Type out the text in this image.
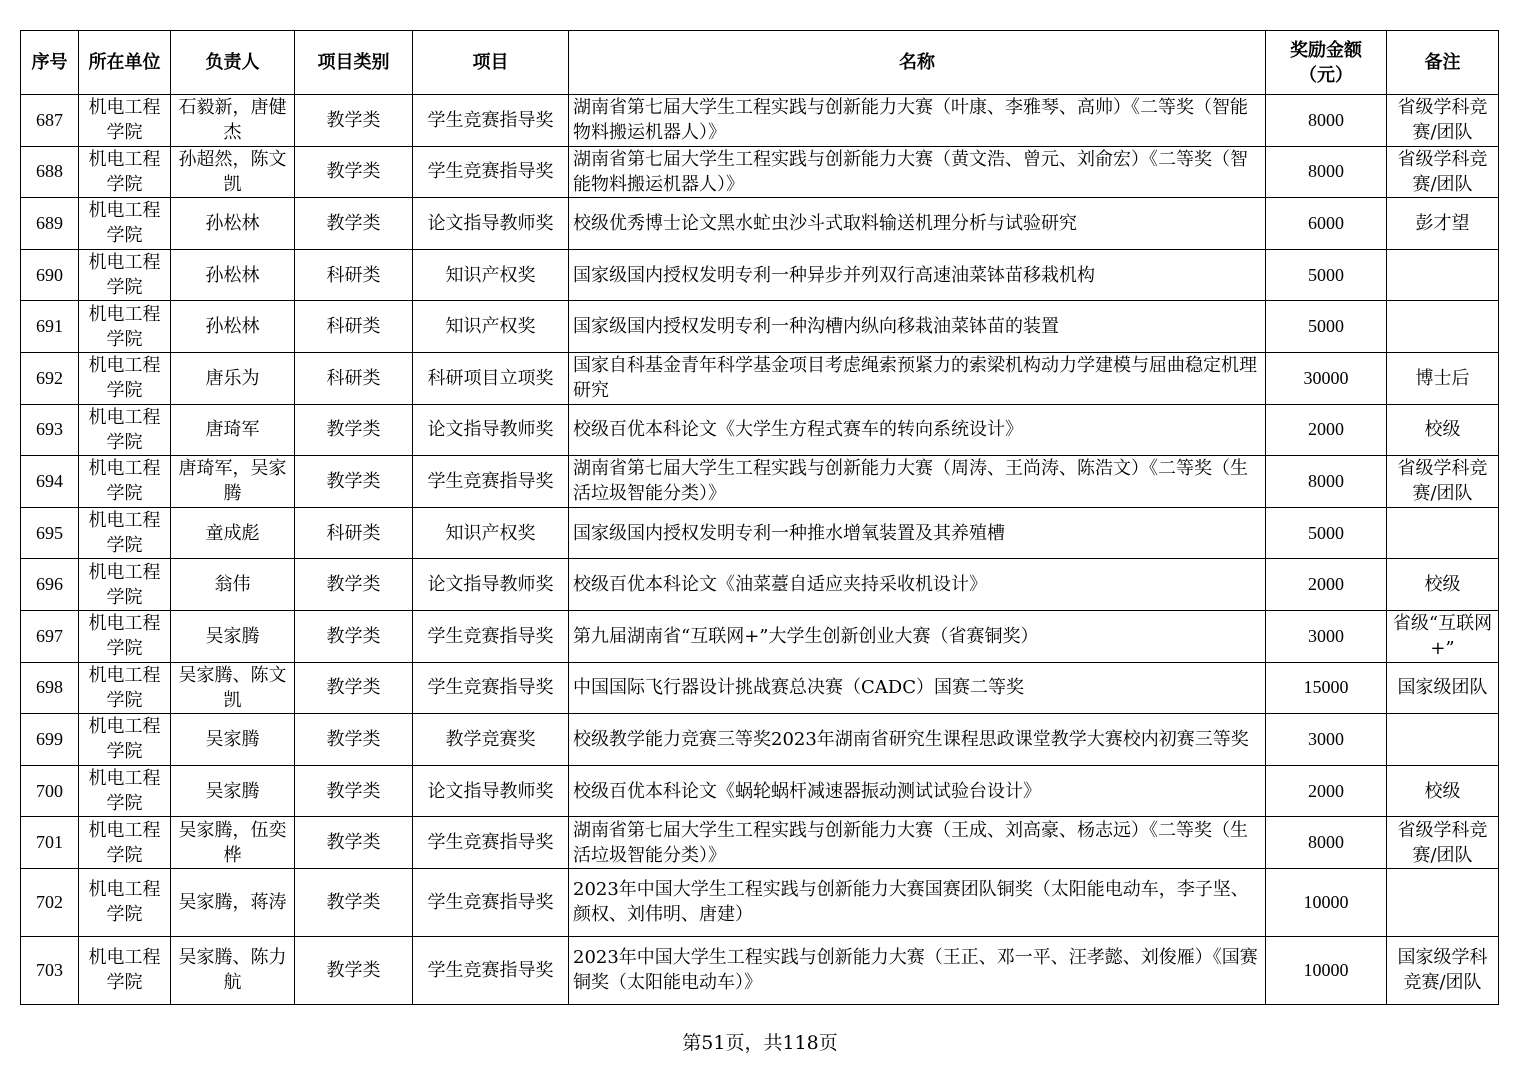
序号	所在单位	负责人	项目类别	项目	名称	奖励金额（元）	备注
687	机电工程学院	石毅新，唐健杰	教学类	学生竞赛指导奖	湖南省第七届大学生工程实践与创新能力大赛（叶康、李雅琴、高帅）《二等奖（智能物料搬运机器人）》	8000	省级学科竞赛/团队
688	机电工程学院	孙超然，陈文凯	教学类	学生竞赛指导奖	湖南省第七届大学生工程实践与创新能力大赛（黄文浩、曾元、刘俞宏）《二等奖（智能物料搬运机器人）》	8000	省级学科竞赛/团队
689	机电工程学院	孙松林	教学类	论文指导教师奖	校级优秀博士论文黑水虻虫沙斗式取料输送机理分析与试验研究	6000	彭才望
690	机电工程学院	孙松林	科研类	知识产权奖	国家级国内授权发明专利一种异步并列双行高速油菜钵苗移栽机构	5000	
691	机电工程学院	孙松林	科研类	知识产权奖	国家级国内授权发明专利一种沟槽内纵向移栽油菜钵苗的装置	5000	
692	机电工程学院	唐乐为	科研类	科研项目立项奖	国家自科基金青年科学基金项目考虑绳索预紧力的索梁机构动力学建模与屈曲稳定机理研究	30000	博士后
693	机电工程学院	唐琦军	教学类	论文指导教师奖	校级百优本科论文《大学生方程式赛车的转向系统设计》	2000	校级
694	机电工程学院	唐琦军，吴家腾	教学类	学生竞赛指导奖	湖南省第七届大学生工程实践与创新能力大赛（周涛、王尚涛、陈浩文）《二等奖（生活垃圾智能分类）》	8000	省级学科竞赛/团队
695	机电工程学院	童成彪	科研类	知识产权奖	国家级国内授权发明专利一种推水增氧装置及其养殖槽	5000	
696	机电工程学院	翁伟	教学类	论文指导教师奖	校级百优本科论文《油菜薹自适应夹持采收机设计》	2000	校级
697	机电工程学院	吴家腾	教学类	学生竞赛指导奖	第九届湖南省“互联网+”大学生创新创业大赛（省赛铜奖）	3000	省级“互联网+”
698	机电工程学院	吴家腾、陈文凯	教学类	学生竞赛指导奖	中国国际飞行器设计挑战赛总决赛（CADC）国赛二等奖	15000	国家级团队
699	机电工程学院	吴家腾	教学类	教学竞赛奖	校级教学能力竞赛三等奖2023年湖南省研究生课程思政课堂教学大赛校内初赛三等奖	3000	
700	机电工程学院	吴家腾	教学类	论文指导教师奖	校级百优本科论文《蜗轮蜗杆减速器振动测试试验台设计》	2000	校级
701	机电工程学院	吴家腾，伍奕桦	教学类	学生竞赛指导奖	湖南省第七届大学生工程实践与创新能力大赛（王成、刘高豪、杨志远）《二等奖（生活垃圾智能分类）》	8000	省级学科竞赛/团队
702	机电工程学院	吴家腾，蒋涛	教学类	学生竞赛指导奖	2023年中国大学生工程实践与创新能力大赛国赛团队铜奖（太阳能电动车，李子坚、颜权、刘伟明、唐建）	10000	
703	机电工程学院	吴家腾、陈力航	教学类	学生竞赛指导奖	2023年中国大学生工程实践与创新能力大赛（王正、邓一平、汪孝懿、刘俊雁）《国赛铜奖（太阳能电动车）》	10000	国家级学科竞赛/团队
第51页，共118页
